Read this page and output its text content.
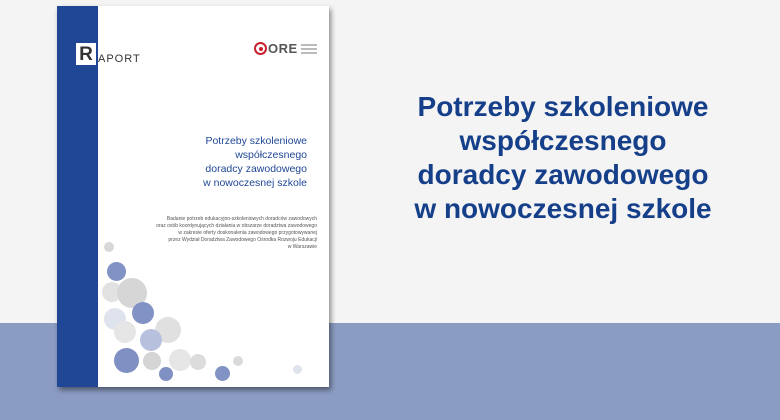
R APORT
ORE
Potrzeby szkoleniowe
współczesnego
doradcy zawodowego
w nowoczesnej szkole
Badanie potrzeb edukacyjno-szkoleniowych doradców zawodowych
oraz osób koordynujących działania w obszarze doradztwa zawodowego
w zakresie oferty doskonalenia zawodowego przygotowywanej
przez Wydział Doradztwa Zawodowego Ośrodka Rozwoju Edukacji
w Warszawie
Potrzeby szkoleniowe
współczesnego
doradcy zawodowego
w nowoczesnej szkole
